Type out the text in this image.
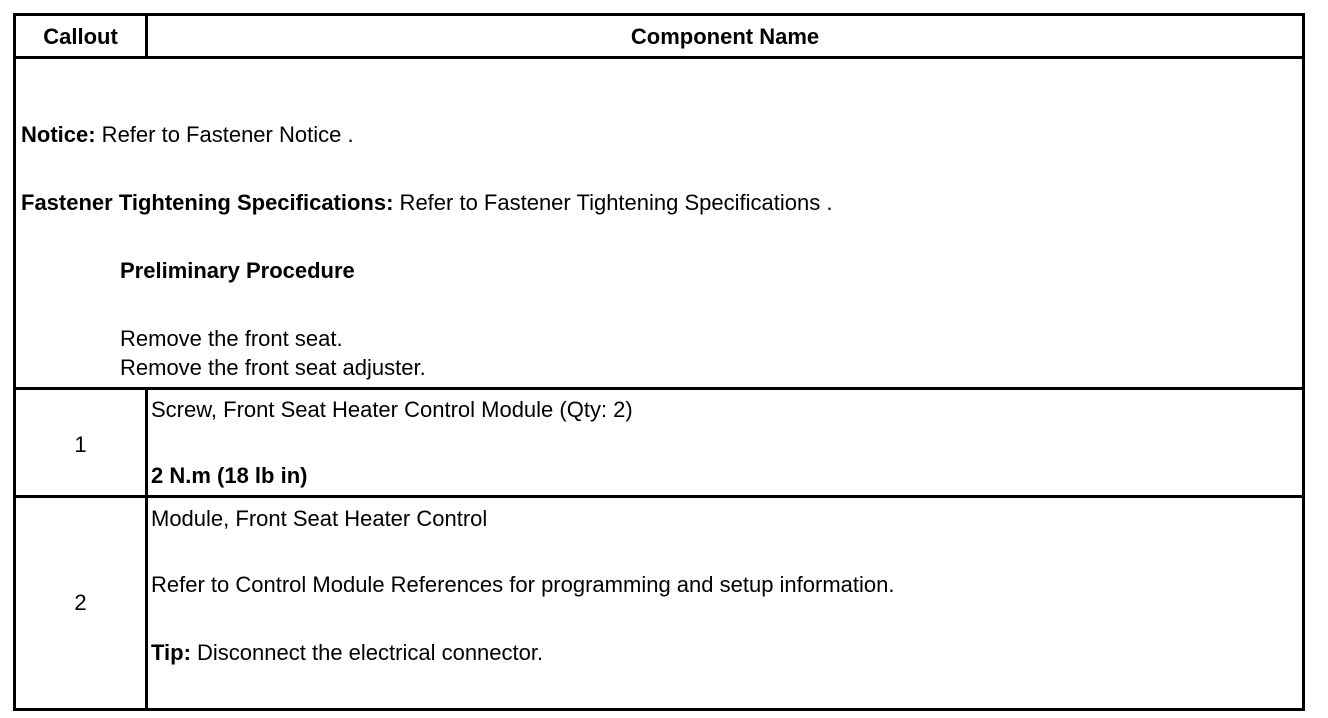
Callout	Component Name
Notice: Refer to Fastener Notice .
Fastener Tightening Specifications: Refer to Fastener Tightening Specifications .
Preliminary Procedure
Remove the front seat.
Remove the front seat adjuster.
1
Screw, Front Seat Heater Control Module (Qty: 2)
2 N.m (18 lb in)
2
Module, Front Seat Heater Control
Refer to Control Module References for programming and setup information.
Tip: Disconnect the electrical connector.
